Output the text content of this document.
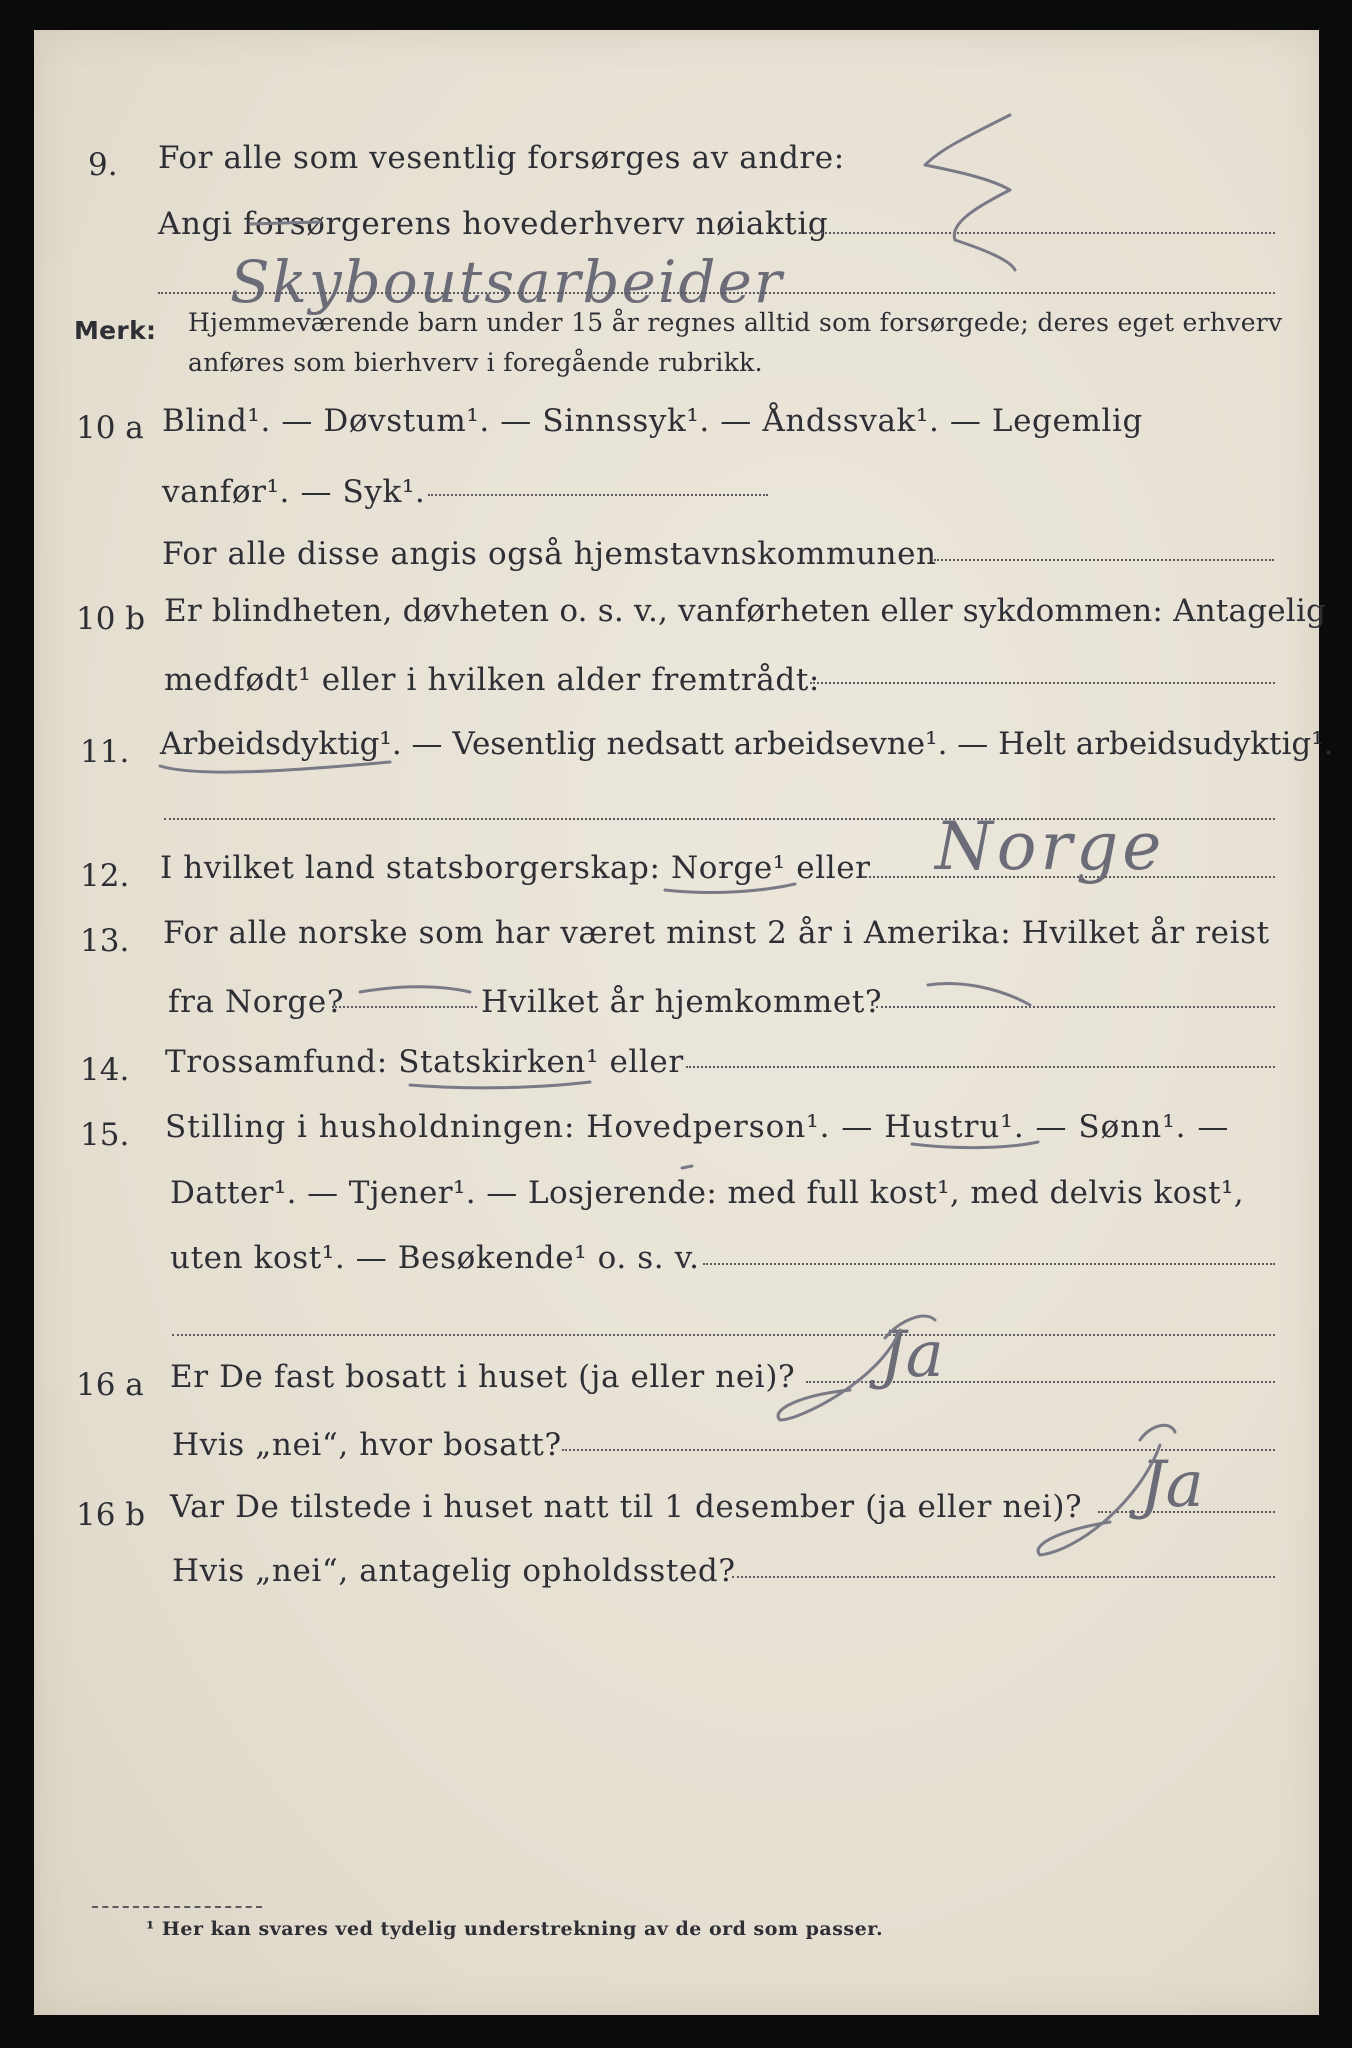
9. For alle som vesentlig forsørges av andre:
Angi forsørgerens hovederhverv nøiaktig
Skyboutsarbeider
Merk: Hjemmeværende barn under 15 år regnes alltid som forsørgede; deres eget erhverv
anføres som bierhverv i foregående rubrikk.
10 a Blind¹. — Døvstum¹. — Sinnssyk¹. — Åndssvak¹. — Legemlig
vanfør¹. — Syk¹.
For alle disse angis også hjemstavnskommunen
10 b Er blindheten, døvheten o. s. v., vanførheten eller sykdommen: Antagelig
medfødt¹ eller i hvilken alder fremtrådt:
11. Arbeidsdyktig¹. — Vesentlig nedsatt arbeidsevne¹. — Helt arbeidsudyktig¹.
12. I hvilket land statsborgerskap: Norge¹ eller Norge
13. For alle norske som har været minst 2 år i Amerika: Hvilket år reist
fra Norge?	Hvilket år hjemkommet?
14. Trossamfund: Statskirken¹ eller
15. Stilling i husholdningen: Hovedperson¹. — Hustru¹. — Sønn¹. —
Datter¹. — Tjener¹. — Losjerende: med full kost¹, med delvis kost¹,
uten kost¹. — Besøkende¹ o. s. v.
16 a Er De fast bosatt i huset (ja eller nei)? Ja
Hvis „nei“, hvor bosatt?
16 b Var De tilstede i huset natt til 1 desember (ja eller nei)? Ja
Hvis „nei“, antagelig opholdssted?
¹ Her kan svares ved tydelig understrekning av de ord som passer.
